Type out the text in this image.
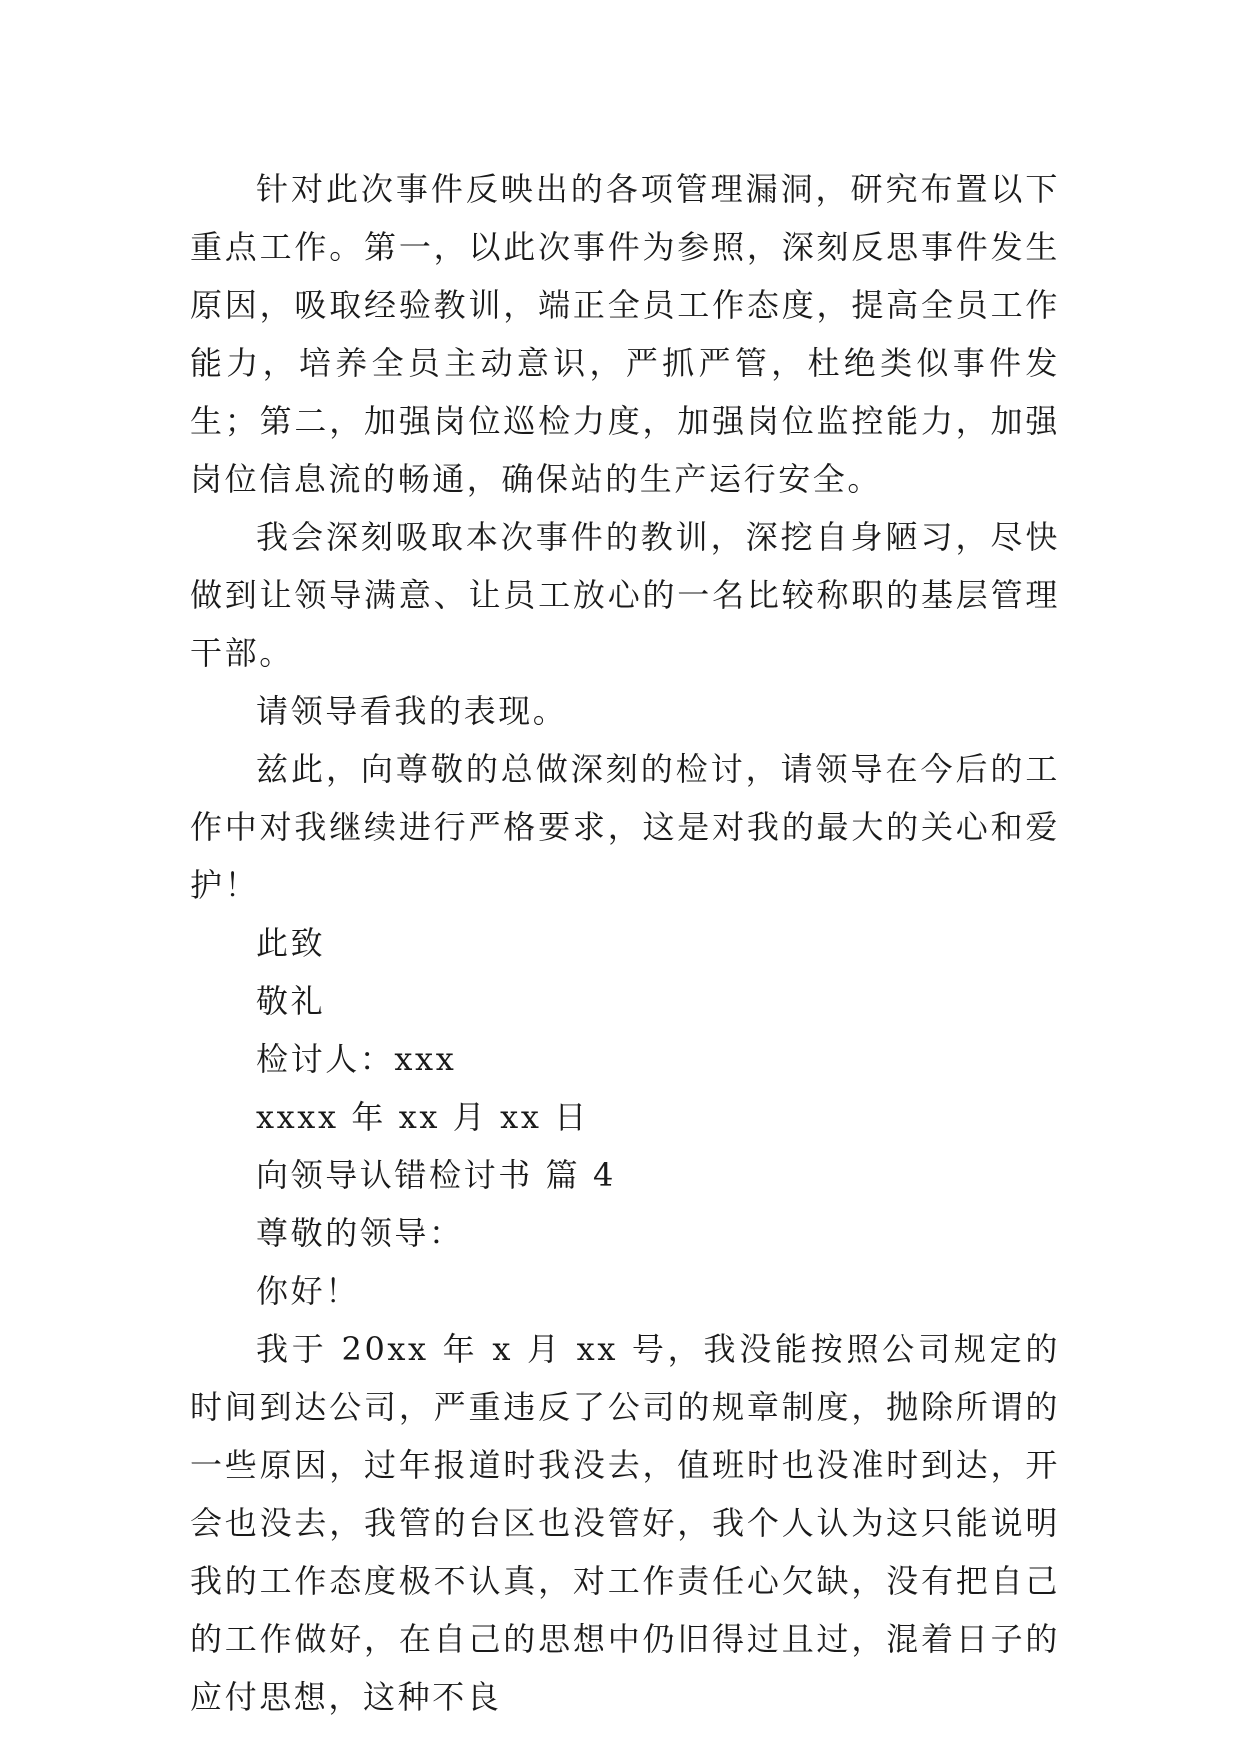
针对此次事件反映出的各项管理漏洞，研究布置以下重点工作。第一，以此次事件为参照，深刻反思事件发生原因，吸取经验教训，端正全员工作态度，提高全员工作能力，培养全员主动意识，严抓严管，杜绝类似事件发生；第二，加强岗位巡检力度，加强岗位监控能力，加强岗位信息流的畅通，确保站的生产运行安全。

我会深刻吸取本次事件的教训，深挖自身陋习，尽快做到让领导满意、让员工放心的一名比较称职的基层管理干部。

请领导看我的表现。

兹此，向尊敬的总做深刻的检讨，请领导在今后的工作中对我继续进行严格要求，这是对我的最大的关心和爱护！

此致

敬礼

检讨人：xxx

xxxx 年 xx 月 xx 日

向领导认错检讨书 篇 4

尊敬的领导：

你好！

我于 20xx 年 x 月 xx 号，我没能按照公司规定的时间到达公司，严重违反了公司的规章制度，抛除所谓的一些原因，过年报道时我没去，值班时也没准时到达，开会也没去，我管的台区也没管好，我个人认为这只能说明我的工作态度极不认真，对工作责任心欠缺，没有把自己的工作做好，在自己的思想中仍旧得过且过，混着日子的应付思想，这种不良
